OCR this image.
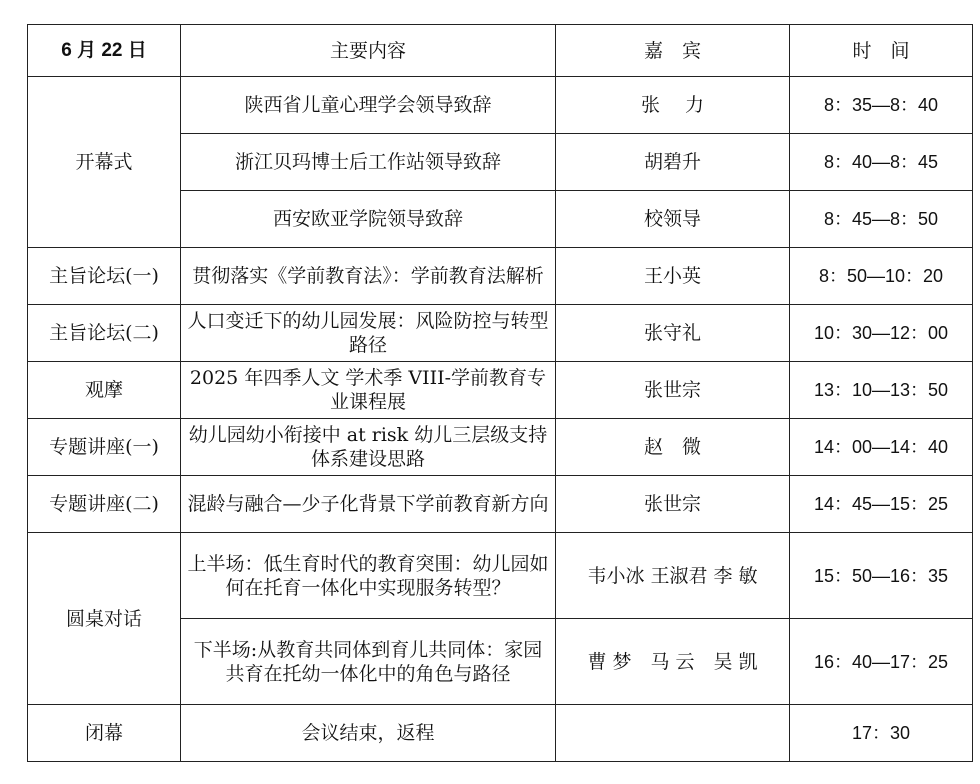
6 月 22 日	主要内容	嘉　宾	时　间
开幕式	陕西省儿童心理学会领导致辞	张　 力	8：35—8：40
	浙江贝玛博士后工作站领导致辞	胡碧升	8：40—8：45
	西安欧亚学院领导致辞	校领导	8：45—8：50
主旨论坛(一)	贯彻落实《学前教育法》：学前教育法解析	王小英	8：50—10：20
主旨论坛(二)	人口变迁下的幼儿园发展：风险防控与转型路径	张守礼	10：30—12：00
观摩	2025 年四季人文 学术季 VIII-学前教育专业课程展	张世宗	13：10—13：50
专题讲座(一)	幼儿园幼小衔接中 at risk 幼儿三层级支持体系建设思路	赵　微	14：00—14：40
专题讲座(二)	混龄与融合—少子化背景下学前教育新方向	张世宗	14：45—15：25
圆桌对话	上半场：低生育时代的教育突围：幼儿园如何在托育一体化中实现服务转型？	韦小冰 王淑君 李 敏	15：50—16：35
	下半场:从教育共同体到育儿共同体：家园共育在托幼一体化中的角色与路径	曹 梦　马 云　吴 凯	16：40—17：25
闭幕	会议结束，返程		17：30
